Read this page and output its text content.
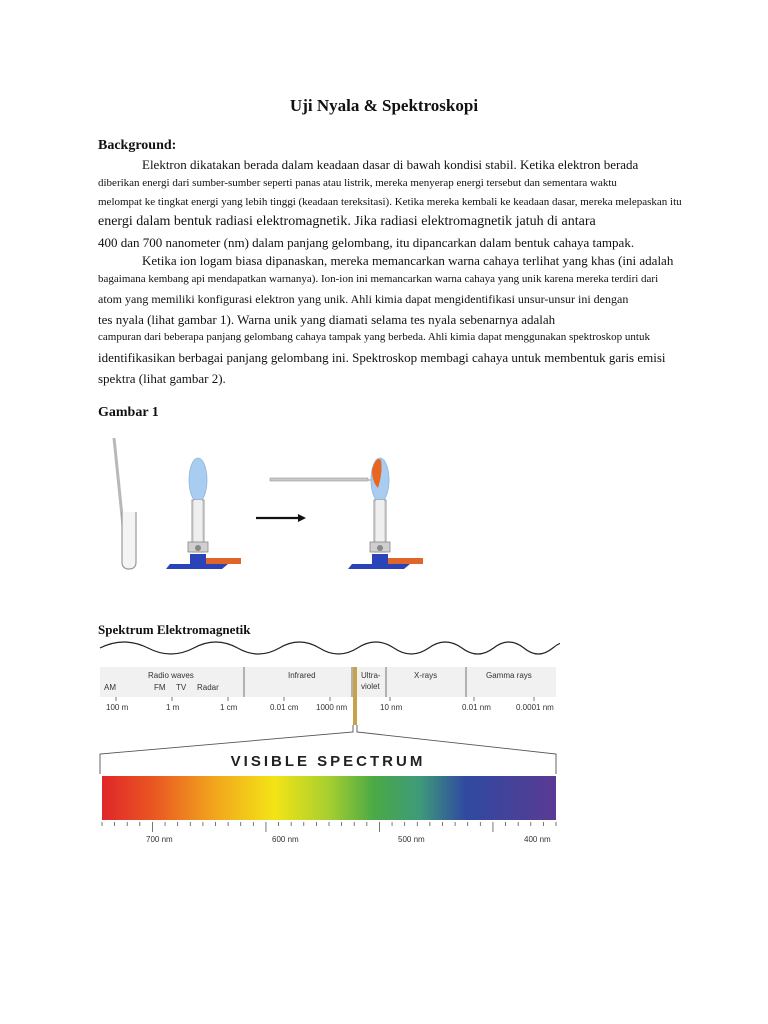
Uji Nyala & Spektroskopi
Background:
Elektron dikatakan berada dalam keadaan dasar di bawah kondisi stabil. Ketika elektron berada
diberikan energi dari sumber-sumber seperti panas atau listrik, mereka menyerap energi tersebut dan sementara waktu
melompat ke tingkat energi yang lebih tinggi (keadaan tereksitasi). Ketika mereka kembali ke keadaan dasar, mereka melepaskan itu
energi dalam bentuk radiasi elektromagnetik. Jika radiasi elektromagnetik jatuh di antara
400 dan 700 nanometer (nm) dalam panjang gelombang, itu dipancarkan dalam bentuk cahaya tampak.
Ketika ion logam biasa dipanaskan, mereka memancarkan warna cahaya terlihat yang khas (ini adalah
bagaimana kembang api mendapatkan warnanya). Ion-ion ini memancarkan warna cahaya yang unik karena mereka terdiri dari
atom yang memiliki konfigurasi elektron yang unik. Ahli kimia dapat mengidentifikasi unsur-unsur ini dengan
tes nyala (lihat gambar 1). Warna unik yang diamati selama tes nyala sebenarnya adalah
campuran dari beberapa panjang gelombang cahaya tampak yang berbeda. Ahli kimia dapat menggunakan spektroskop untuk
identifikasikan berbagai panjang gelombang ini. Spektroskop membagi cahaya untuk membentuk garis emisi
spektra (lihat gambar 2).
Gambar 1
Spektrum Elektromagnetik
Radio waves
AM	FM TV Radar
Infrared	Ultra-
violet
X-rays	Gamma rays
100 m	1 m	1 cm	0.01 cm 1000 nm	10 nm	0.01 nm	0.0001 nm
VISIBLE SPECTRUM
700 nm	600 nm	500 nm	400 nm
